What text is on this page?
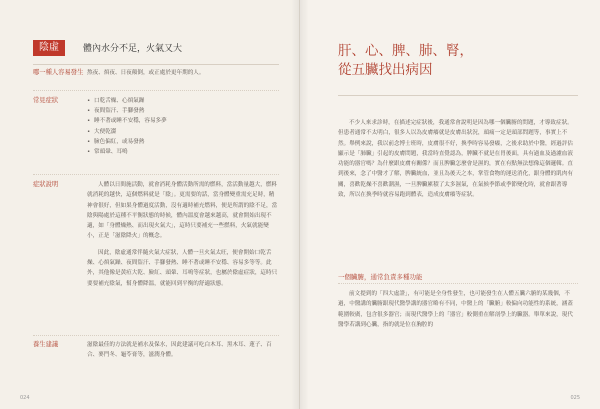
陰虛	體內水分不足，火氣又大
哪一種人容易發生 熬夜、煩夜、日夜顛倒，或正處於更年期的人。
常見症狀
•	口乾舌燥、心煩氣躁
• 夜間盜汗、手腳發熱
• 睡不著或睡不安穩，容易多夢
• 大便乾澀
• 臉色偏紅，或易發熱
• 常頭暈、耳鳴
症狀說明	人體以日間施活動，就會消耗身體活動所需的燃料，當活動量越大，燃料就消耗的越快，這個燃料就是「陰」。更需要的話，當身體變重需充足時，精神會很好，但如果身體過度活動，沒有適時補充燃料，便是所謂的陰不足，當陰與陽處於這種不平衡狀態的時候，體內溫度會越來越高，就會開始出現不適，如「身體燥熱、而出現火氣大」，這時只要補充一些燃料，火氣就能變小，正是「滋陰降火」的概念。

因此，陰虛通常伴隨火氣大症狀，人體一旦火氣太旺，便會開始口乾舌燥、心煩氣躁、夜間盜汗、手腳發熱、睡不著或睡不安穩、容易多等等。此外，其他像是黃疸大乾、臉紅、頭暈、耳鳴等症狀，也屬於陰虛症狀，這時只要要補充陰氣，幫身體降溫，就能回到平衡的舒適狀態。

養生建議	滋陰最佳的方法就是補水及保水，因此建議可吃白木耳、黑木耳、蓮子、百合、麥門冬、龜苓膏等，滋潤身體。
024	025
肝、心、脾、肺、腎，
從五臟找出病因

不少人來求診時，在描述完症狀後，我通常會說明是因為哪一個臟腑的問題，才導致症狀。但患者通常不太明白，很多人以為皮膚癢就是皮膚出狀況，頭痛一定是頭部問題等，事實上不然。舉例來說，我以前念博士班時，皮膚很不好，換季時容易發癢，之後求助於中醫，經過評估顯示是「肺臟」引起的皮膚問題，我當時直覺認為，脾臟不就是在胃後面，具有過血及過濾血液功能的器官嗎？為什麼跟皮膚有關係？而且脾臟怎麼會是濕的，實在有點無法想像這個邏輯。直到後來，念了中醫才了解，脾臟統血，並且為後天之本，掌管食物的運送消化，跟身體的肌肉有關，喜歡乾燥不喜歡潮濕，一旦脾臟累積了太多濕氣，在氣候季節或季節變化時，就會跟著導致，所以在換季時就容易跑到體表，造成皮膚癢等症狀。

一個臟腑，通常負責多種功能

前文提到的「四大虛證」，有可能是全身性發生，也可能發生在人體五臟六腑的某幾個，不過，中醫講的臟腑跟現代醫學講的器官略有不同，中醫上的「臟腑」較偏向功能性的系統，涵蓋範圍較廣，包含很多器官；而現代醫學上的「器官」較側重在解剖學上的臟器。舉單來說，現代醫學若講到心臟，指的就是位在胸腔的
